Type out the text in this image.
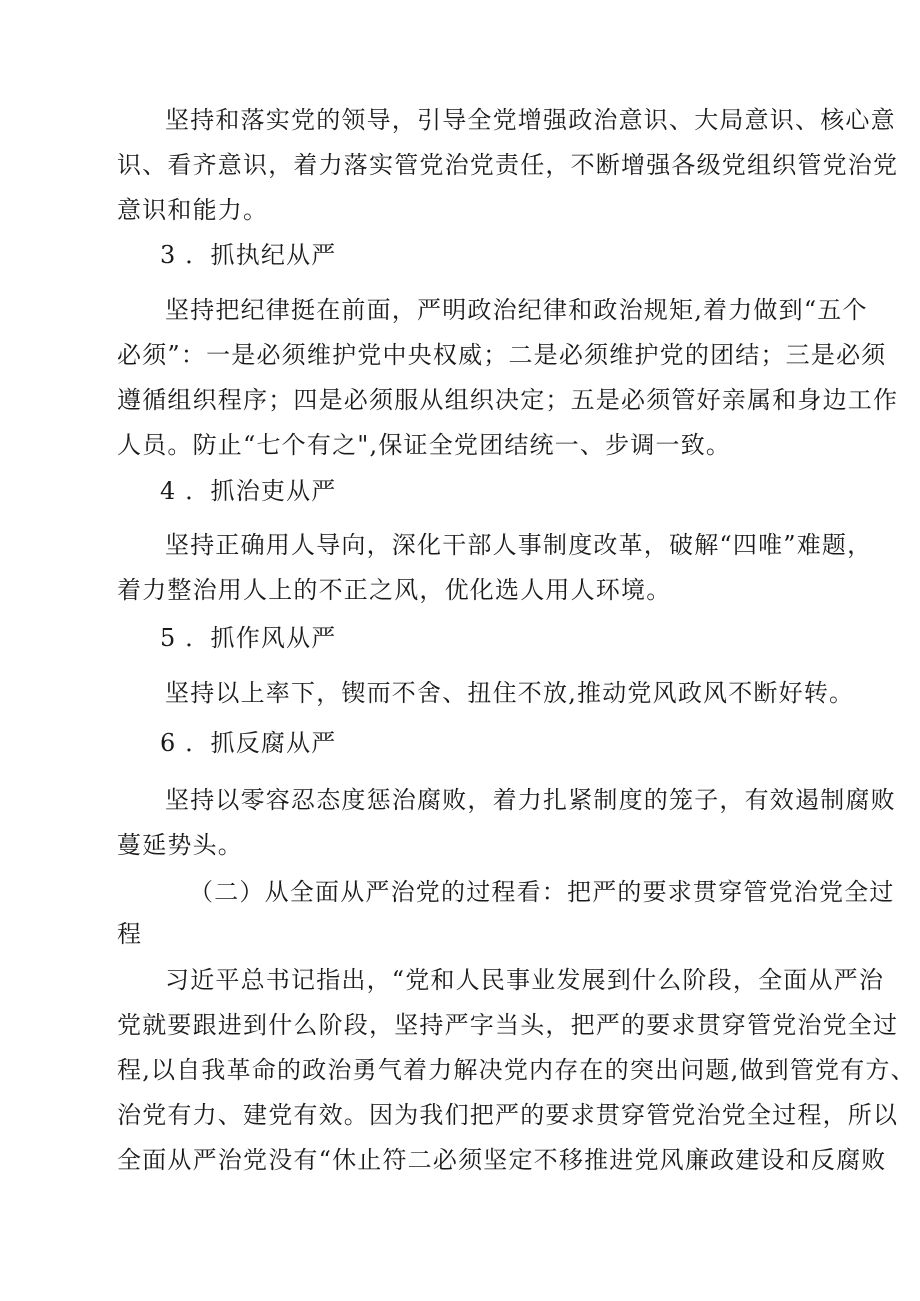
坚持和落实党的领导，引导全党增强政治意识、大局意识、核心意
识、看齐意识，着力落实管党治党责任，不断增强各级党组织管党治党
意识和能力。
3 ．抓执纪从严
坚持把纪律挺在前面，严明政治纪律和政治规矩,着力做到“五个
必须”：一是必须维护党中央权威；二是必须维护党的团结；三是必须
遵循组织程序；四是必须服从组织决定；五是必须管好亲属和身边工作
人员。防止“七个有之",保证全党团结统一、步调一致。
4 ．抓治吏从严
坚持正确用人导向，深化干部人事制度改革，破解“四唯”难题，
着力整治用人上的不正之风，优化选人用人环境。
5 ．抓作风从严
坚持以上率下，锲而不舍、扭住不放,推动党风政风不断好转。
6 ．抓反腐从严
坚持以零容忍态度惩治腐败，着力扎紧制度的笼子，有效遏制腐败
蔓延势头。
（二）从全面从严治党的过程看：把严的要求贯穿管党治党全过
程
习近平总书记指出，“党和人民事业发展到什么阶段，全面从严治
党就要跟进到什么阶段，坚持严字当头，把严的要求贯穿管党治党全过
程,以自我革命的政治勇气着力解决党内存在的突出问题,做到管党有方、
治党有力、建党有效。因为我们把严的要求贯穿管党治党全过程，所以
全面从严治党没有“休止符二必须坚定不移推进党风廉政建设和反腐败
